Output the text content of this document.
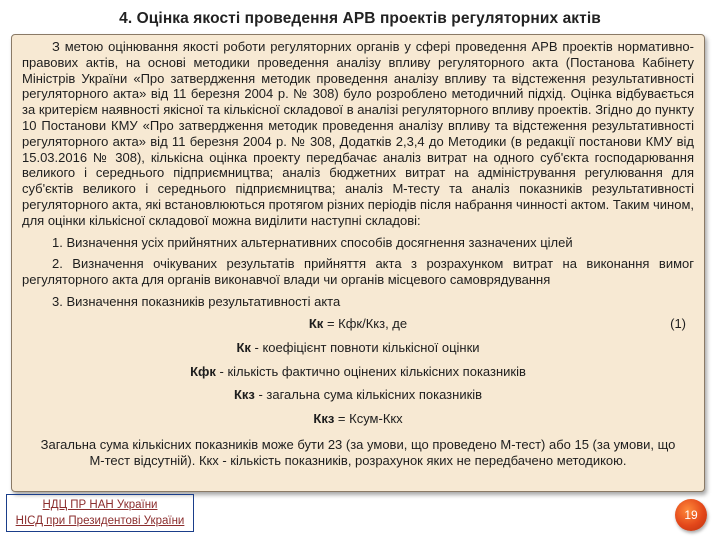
4. Оцінка якості проведення АРВ проектів регуляторних актів

З метою оцінювання якості роботи регуляторних органів у сфері проведення АРВ проектів нормативно-правових актів, на основі методики проведення аналізу впливу регуляторного акта (Постанова Кабінету Міністрів України «Про затвердження методик проведення аналізу впливу та відстеження результативності регуляторного акта» від 11 березня 2004 р. № 308) було розроблено методичний підхід. Оцінка відбувається за критерієм наявності якісної та кількісної складової в аналізі регуляторного впливу проектів. Згідно до пункту 10 Постанови КМУ «Про затвердження методик проведення аналізу впливу та відстеження результативності регуляторного акта» від 11 березня 2004 р. № 308, Додатків 2,3,4 до Методики (в редакції постанови КМУ від 15.03.2016 № 308), кількісна оцінка проекту передбачає аналіз витрат на одного суб'єкта господарювання великого і середнього підприємництва; аналіз бюджетних витрат на адміністрування регулювання для суб'єктів великого і середнього підприємництва; аналіз М-тесту та аналіз показників результативності регуляторного акта, які встановлюються протягом різних періодів після набрання чинності актом. Таким чином, для оцінки кількісної складової можна виділити наступні складові:

1. Визначення усіх прийнятних альтернативних способів досягнення зазначених цілей

2. Визначення очікуваних результатів прийняття акта з розрахунком витрат на виконання вимог регуляторного акта для органів виконавчої влади чи органів місцевого самоврядування

3. Визначення показників результативності акта

Кк = Кфк/Ккз, де	(1)
Кк - коефіцієнт повноти кількісної оцінки
Кфк - кількість фактично оцінених кількісних показників
Ккз - загальна сума кількісних показників
Ккз = Ксум-Ккх

Загальна сума кількісних показників може бути 23 (за умови, що проведено М-тест) або 15 (за умови, що М-тест відсутній). Ккх - кількість показників, розрахунок яких не передбачено методикою.

НДЦ ПР НАН України
НІСД при Президентові України	19
